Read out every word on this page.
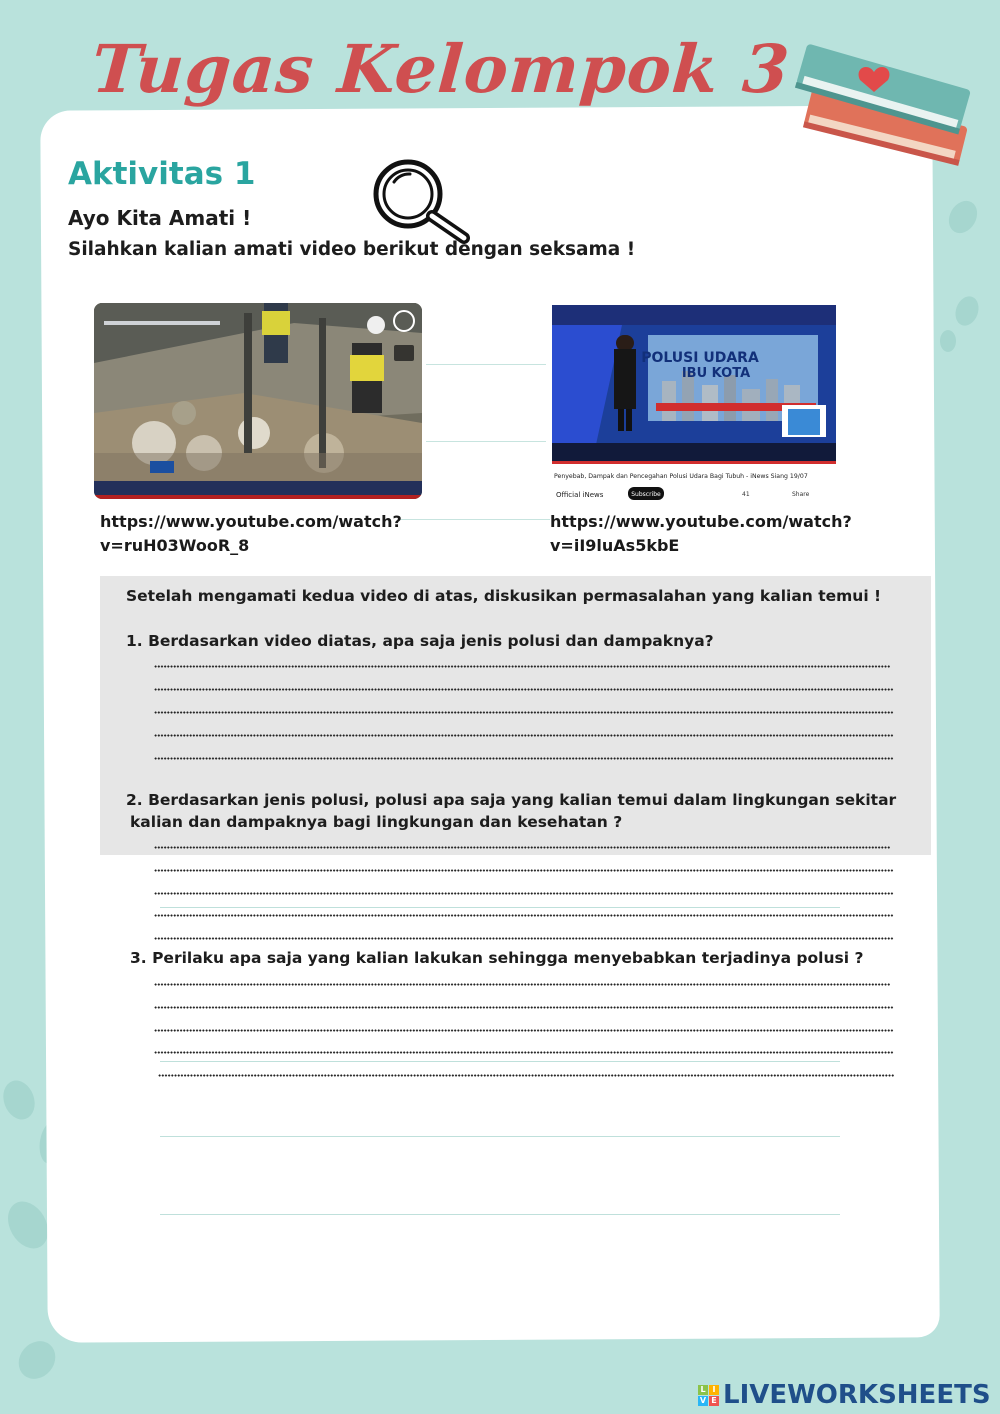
Tugas Kelompok 3
Aktivitas 1
Ayo Kita Amati !
Silahkan kalian amati video berikut dengan seksama !
POLUSI UDARA
IBU KOTA
Official iNews	Subscribe	41	Share
Penyebab, Dampak dan Pencegahan Polusi Udara Bagi Tubuh - iNews Siang 19/07
https://www.youtube.com/watch?
v=ruH03WooR_8
https://www.youtube.com/watch?
v=iI9luAs5kbE
Setelah mengamati kedua video di atas, diskusikan permasalahan yang kalian temui !
1. Berdasarkan video diatas, apa saja jenis polusi dan dampaknya?
2. Berdasarkan jenis polusi, polusi apa saja yang kalian temui dalam lingkungan sekitar
kalian dan dampaknya bagi lingkungan dan kesehatan ?
3. Perilaku apa saja yang kalian lakukan sehingga menyebabkan terjadinya polusi ?
L I
V E LIVEWORKSHEETS
